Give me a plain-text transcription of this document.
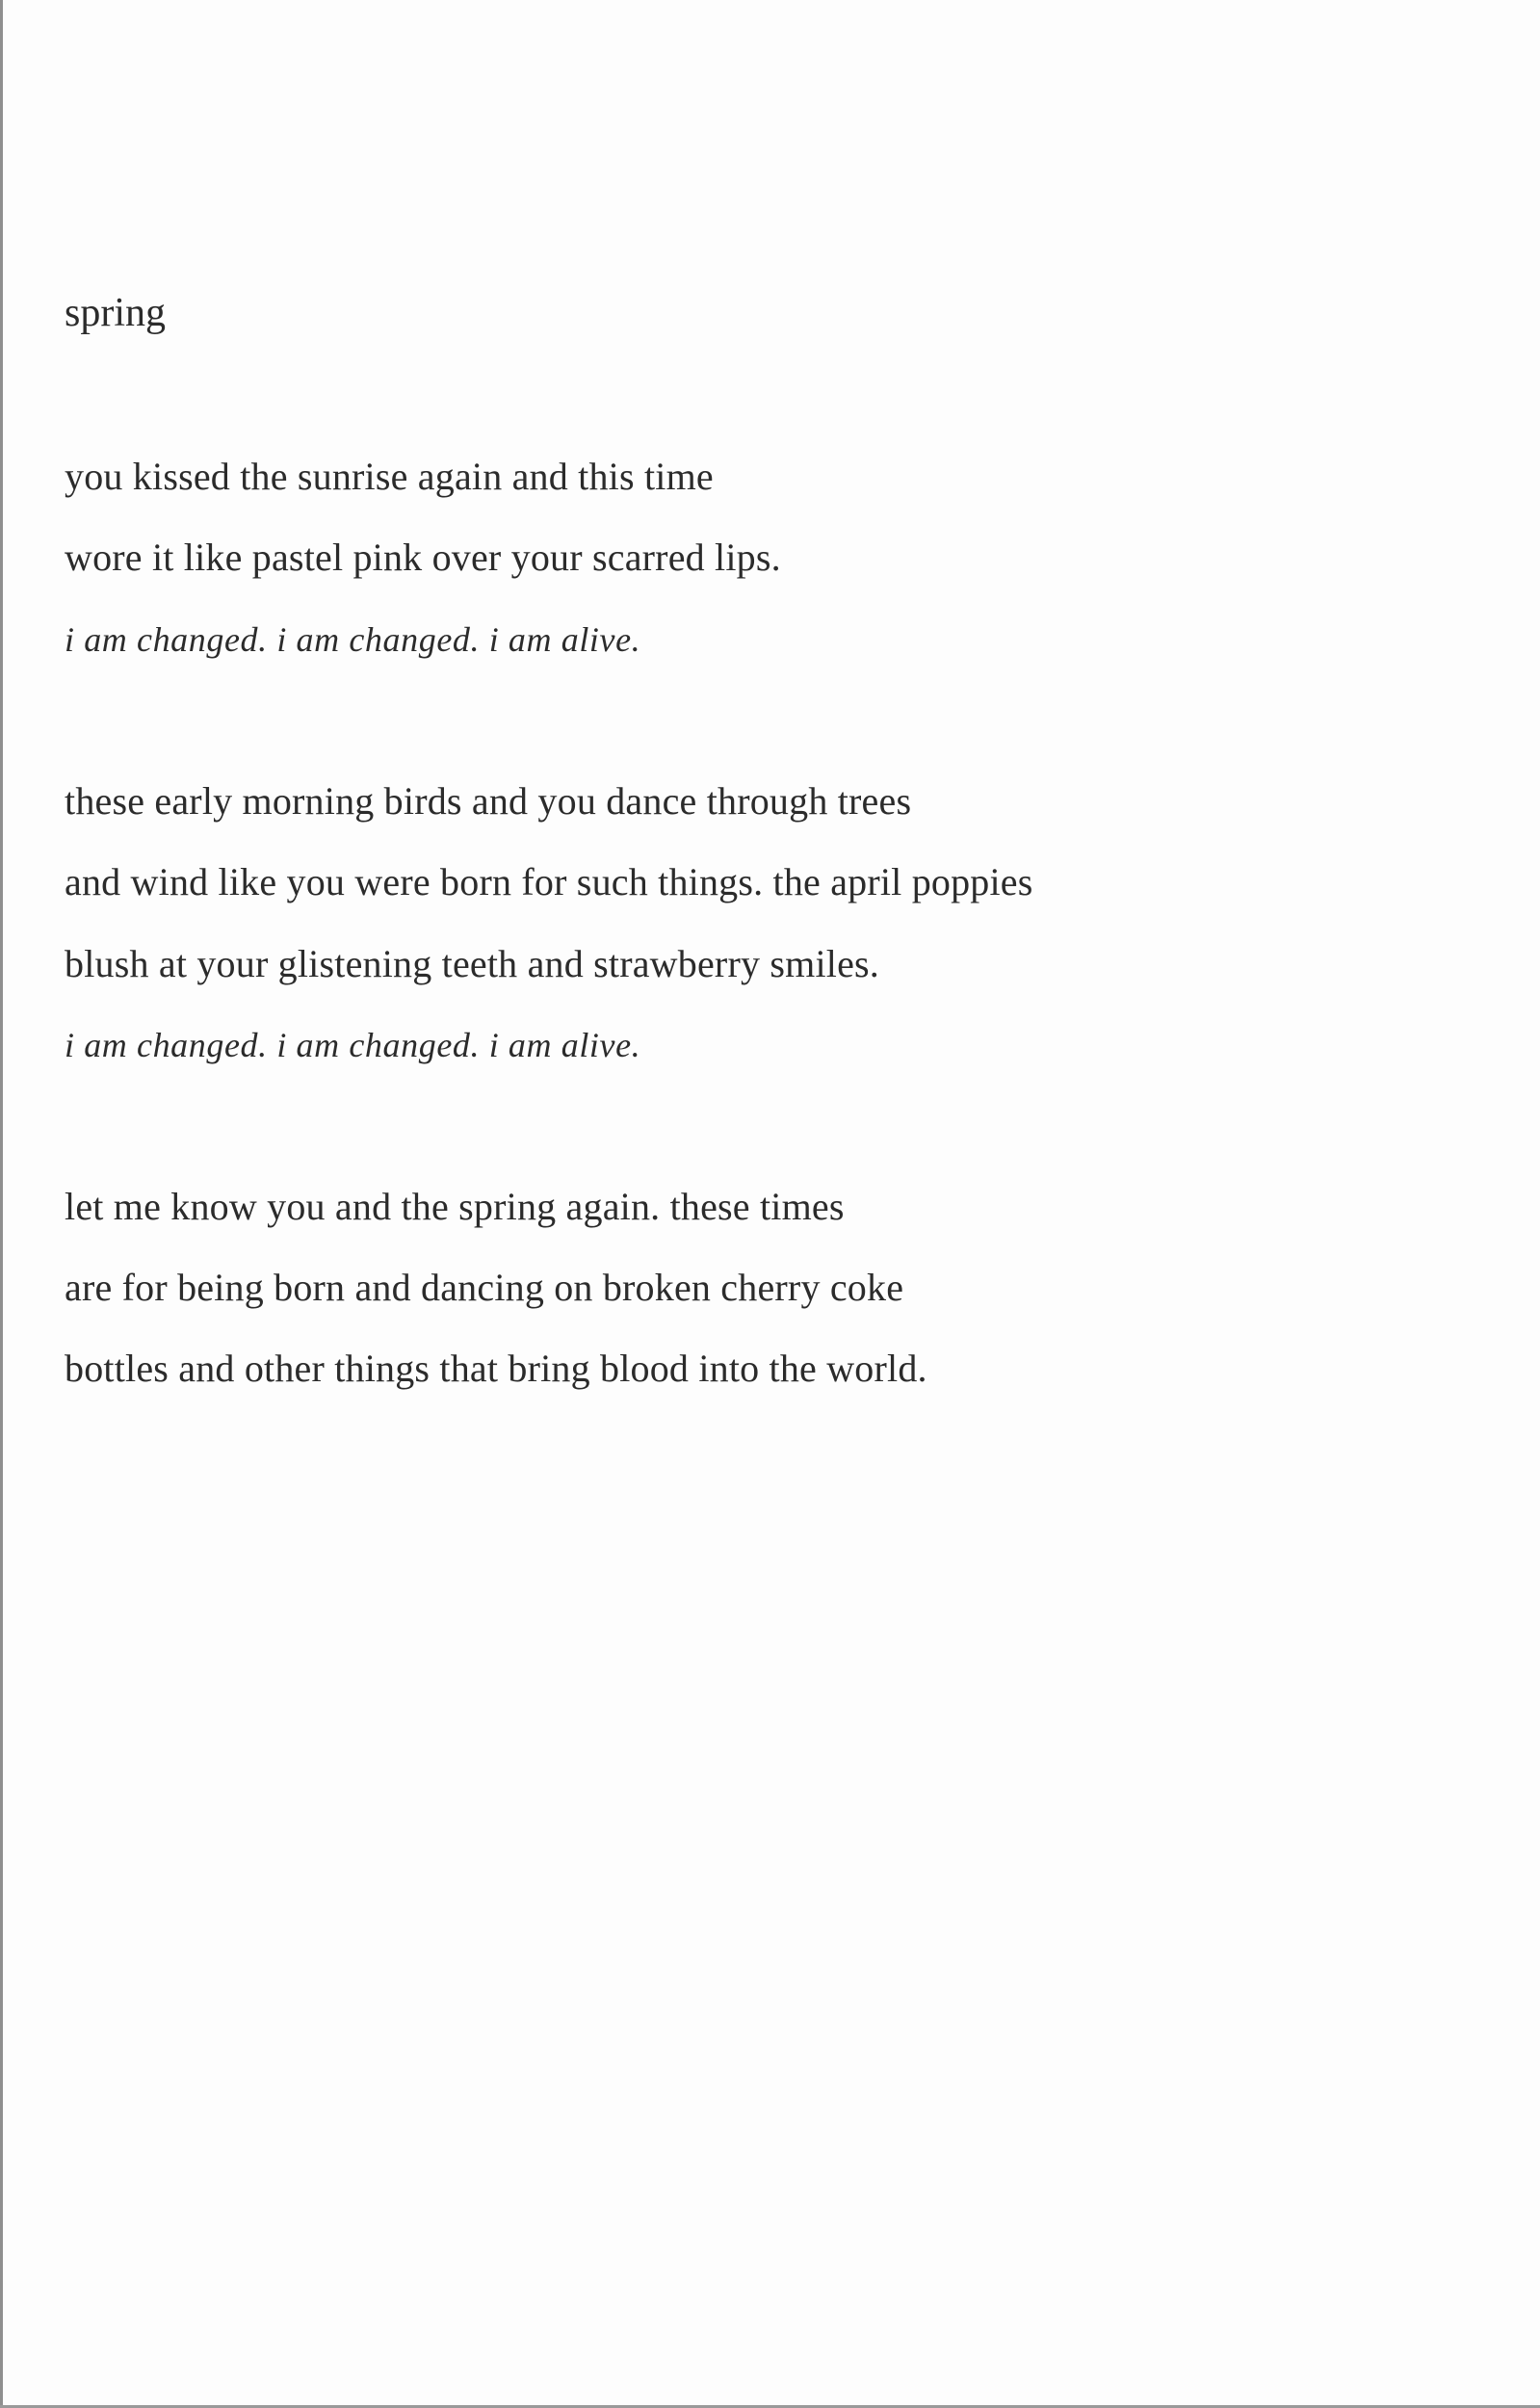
spring
you kissed the sunrise again and this time
wore it like pastel pink over your scarred lips.
i am changed. i am changed. i am alive.
these early morning birds and you dance through trees
and wind like you were born for such things. the april poppies
blush at your glistening teeth and strawberry smiles.
i am changed. i am changed. i am alive.
let me know you and the spring again. these times
are for being born and dancing on broken cherry coke
bottles and other things that bring blood into the world.
